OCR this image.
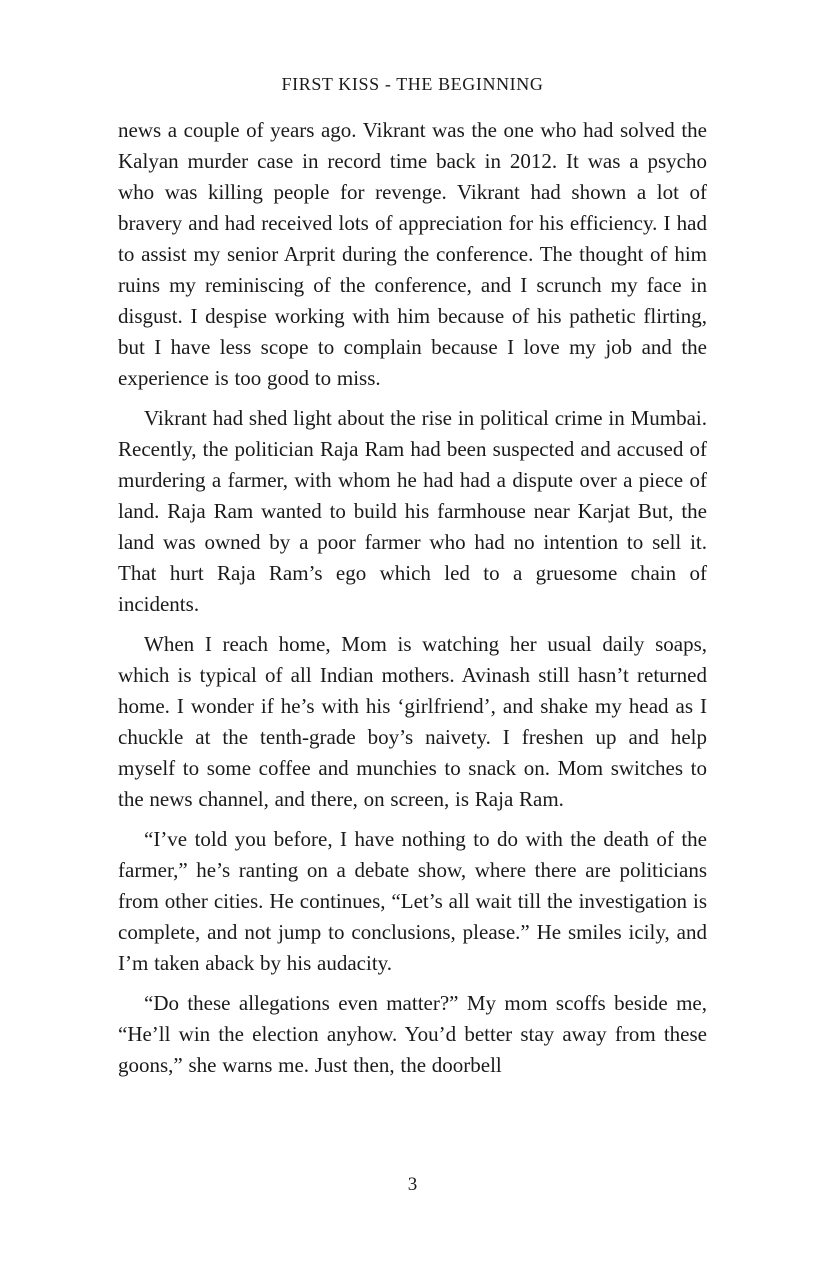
FIRST KISS - THE BEGINNING

news a couple of years ago. Vikrant was the one who had solved the Kalyan murder case in record time back in 2012. It was a psycho who was killing people for revenge. Vikrant had shown a lot of bravery and had received lots of appreciation for his efficiency. I had to assist my senior Arprit during the conference. The thought of him ruins my reminiscing of the conference, and I scrunch my face in disgust. I despise working with him because of his pathetic flirting, but I have less scope to complain because I love my job and the experience is too good to miss.

Vikrant had shed light about the rise in political crime in Mumbai. Recently, the politician Raja Ram had been suspected and accused of murdering a farmer, with whom he had had a dispute over a piece of land. Raja Ram wanted to build his farmhouse near Karjat But, the land was owned by a poor farmer who had no intention to sell it. That hurt Raja Ram’s ego which led to a gruesome chain of incidents.

When I reach home, Mom is watching her usual daily soaps, which is typical of all Indian mothers. Avinash still hasn’t returned home. I wonder if he’s with his ‘girlfriend’, and shake my head as I chuckle at the tenth-grade boy’s naivety. I freshen up and help myself to some coffee and munchies to snack on. Mom switches to the news channel, and there, on screen, is Raja Ram.

“I’ve told you before, I have nothing to do with the death of the farmer,” he’s ranting on a debate show, where there are politicians from other cities. He continues, “Let’s all wait till the investigation is complete, and not jump to conclusions, please.” He smiles icily, and I’m taken aback by his audacity.

“Do these allegations even matter?” My mom scoffs beside me, “He’ll win the election anyhow. You’d better stay away from these goons,” she warns me. Just then, the doorbell

3
